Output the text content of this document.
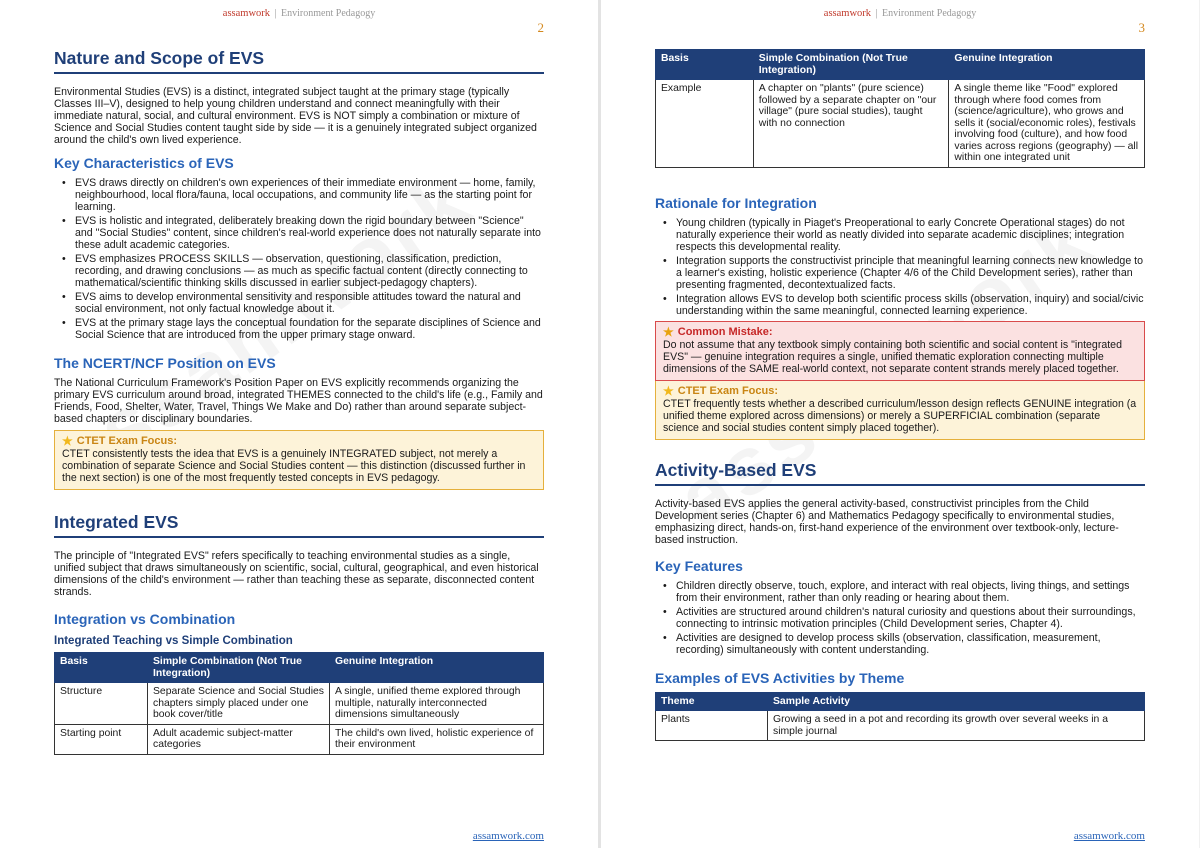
assamwork | Environment Pedagogy
2
Nature and Scope of EVS

Environmental Studies (EVS) is a distinct, integrated subject taught at the primary stage (typically Classes III–V), designed to help young children understand and connect meaningfully with their immediate natural, social, and cultural environment. EVS is NOT simply a combination or mixture of Science and Social Studies content taught side by side — it is a genuinely integrated subject organized around the child's own lived experience.

Key Characteristics of EVS
• EVS draws directly on children's own experiences of their immediate environment — home, family, neighbourhood, local flora/fauna, local occupations, and community life — as the starting point for learning.
• EVS is holistic and integrated, deliberately breaking down the rigid boundary between "Science" and "Social Studies" content, since children's real-world experience does not naturally separate into these adult academic categories.
• EVS emphasizes PROCESS SKILLS — observation, questioning, classification, prediction, recording, and drawing conclusions — as much as specific factual content (directly connecting to mathematical/scientific thinking skills discussed in earlier subject-pedagogy chapters).
• EVS aims to develop environmental sensitivity and responsible attitudes toward the natural and social environment, not only factual knowledge about it.
• EVS at the primary stage lays the conceptual foundation for the separate disciplines of Science and Social Science that are introduced from the upper primary stage onward.
The NCERT/NCF Position on EVS

The National Curriculum Framework's Position Paper on EVS explicitly recommends organizing the primary EVS curriculum around broad, integrated THEMES connected to the child's life (e.g., Family and Friends, Food, Shelter, Water, Travel, Things We Make and Do) rather than around separate subject-based chapters or disciplinary boundaries.

★ CTET Exam Focus:
CTET consistently tests the idea that EVS is a genuinely INTEGRATED subject, not merely a combination of separate Science and Social Studies content — this distinction (discussed further in the next section) is one of the most frequently tested concepts in EVS pedagogy.
Integrated EVS

The principle of "Integrated EVS" refers specifically to teaching environmental studies as a single, unified subject that draws simultaneously on scientific, social, cultural, geographical, and even historical dimensions of the child's environment — rather than teaching these as separate, disconnected content strands.

Integration vs Combination
Integrated Teaching vs Simple Combination
Basis	Simple Combination (Not True Integration)	Genuine Integration
Structure	Separate Science and Social Studies chapters simply placed under one book cover/title	A single, unified theme explored through multiple, naturally interconnected dimensions simultaneously
Starting point	Adult academic subject-matter categories	The child's own lived, holistic experience of their environment
assamwork.com
assamwork | Environment Pedagogy
3
Basis	Simple Combination (Not True Integration)	Genuine Integration
Example	A chapter on "plants" (pure science) followed by a separate chapter on "our village" (pure social studies), taught with no connection	A single theme like "Food" explored through where food comes from (science/agriculture), who grows and sells it (social/economic roles), festivals involving food (culture), and how food varies across regions (geography) — all within one integrated unit
Rationale for Integration
• Young children (typically in Piaget's Preoperational to early Concrete Operational stages) do not naturally experience their world as neatly divided into separate academic disciplines; integration respects this developmental reality.
• Integration supports the constructivist principle that meaningful learning connects new knowledge to a learner's existing, holistic experience (Chapter 4/6 of the Child Development series), rather than presenting fragmented, decontextualized facts.
• Integration allows EVS to develop both scientific process skills (observation, inquiry) and social/civic understanding within the same meaningful, connected learning experience.
★ Common Mistake:
Do not assume that any textbook simply containing both scientific and social content is "integrated EVS" — genuine integration requires a single, unified thematic exploration connecting multiple dimensions of the SAME real-world context, not separate content strands merely placed together.
★ CTET Exam Focus:
CTET frequently tests whether a described curriculum/lesson design reflects GENUINE integration (a unified theme explored across dimensions) or merely a SUPERFICIAL combination (separate science and social studies content simply placed together).
Activity-Based EVS

Activity-based EVS applies the general activity-based, constructivist principles from the Child Development series (Chapter 6) and Mathematics Pedagogy specifically to environmental studies, emphasizing direct, hands-on, first-hand experience of the environment over textbook-only, lecture-based instruction.

Key Features
• Children directly observe, touch, explore, and interact with real objects, living things, and settings from their environment, rather than only reading or hearing about them.
• Activities are structured around children's natural curiosity and questions about their surroundings, connecting to intrinsic motivation principles (Child Development series, Chapter 4).
• Activities are designed to develop process skills (observation, classification, measurement, recording) simultaneously with content understanding.
Examples of EVS Activities by Theme
Theme	Sample Activity
Plants	Growing a seed in a pot and recording its growth over several weeks in a simple journal
assamwork.com
